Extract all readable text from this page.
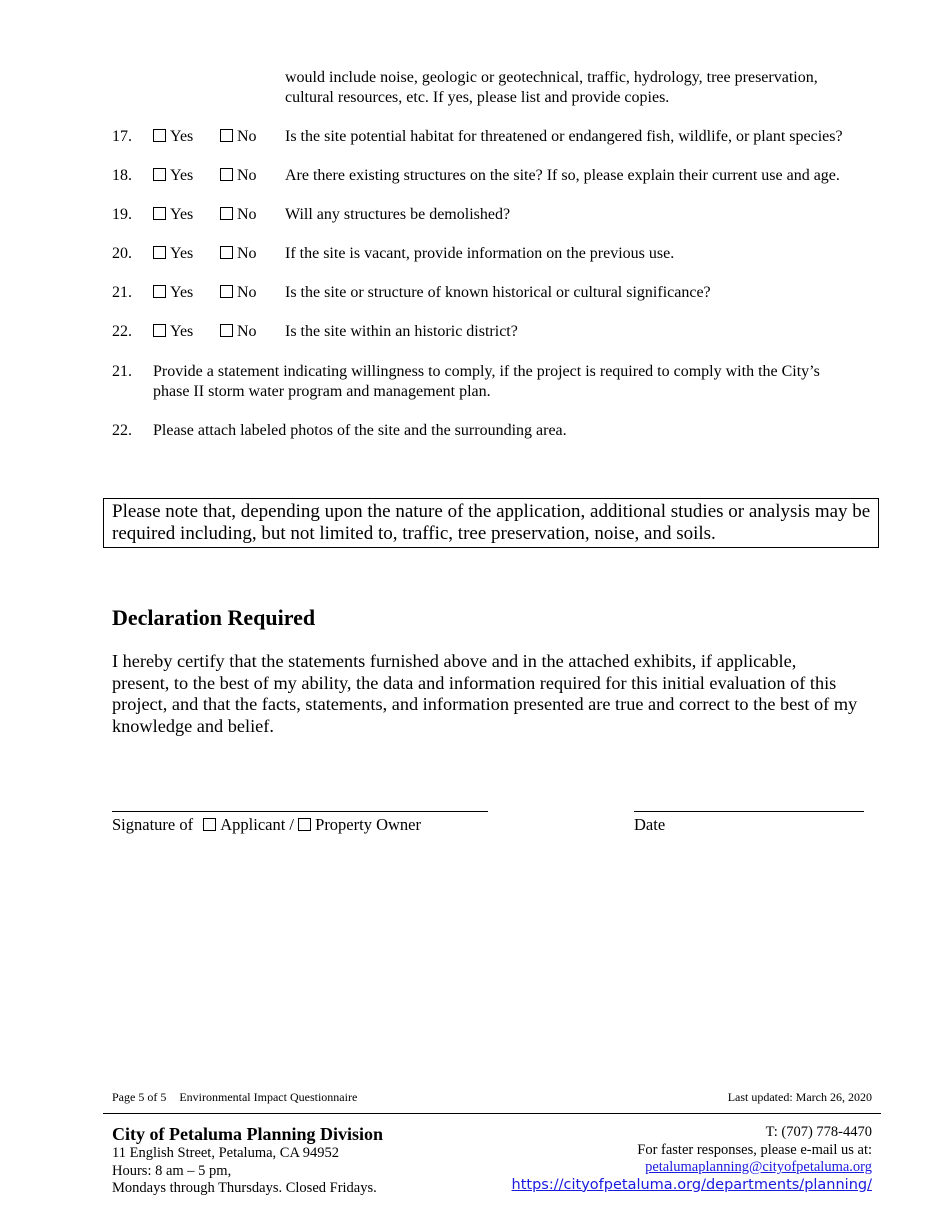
would include noise, geologic or geotechnical, traffic, hydrology, tree preservation,
cultural resources, etc. If yes, please list and provide copies.
17.	Yes	No Is the site potential habitat for threatened or endangered fish, wildlife, or plant species?
18.	Yes	No Are there existing structures on the site? If so, please explain their current use and age.
19.	Yes	No Will any structures be demolished?
20.	Yes	No If the site is vacant, provide information on the previous use.
21.	Yes	No Is the site or structure of known historical or cultural significance?
22.	Yes	No Is the site within an historic district?
21. Provide a statement indicating willingness to comply, if the project is required to comply with the City’s
phase II storm water program and management plan.
22. Please attach labeled photos of the site and the surrounding area.
Please note that, depending upon the nature of the application, additional studies or analysis may be
required including, but not limited to, traffic, tree preservation, noise, and soils.
Declaration Required
I hereby certify that the statements furnished above and in the attached exhibits, if applicable,
present, to the best of my ability, the data and information required for this initial evaluation of this
project, and that the facts, statements, and information presented are true and correct to the best of my
knowledge and belief.
Signature of Applicant / Property Owner	Date
Page 5 of 5 Environmental Impact Questionnaire	Last updated: March 26, 2020
City of Petaluma Planning Division
11 English Street, Petaluma, CA 94952
Hours: 8 am – 5 pm,
Mondays through Thursdays. Closed Fridays.
T: (707) 778-4470
For faster responses, please e-mail us at:
petalumaplanning@cityofpetaluma.org
https://cityofpetaluma.org/departments/planning/
